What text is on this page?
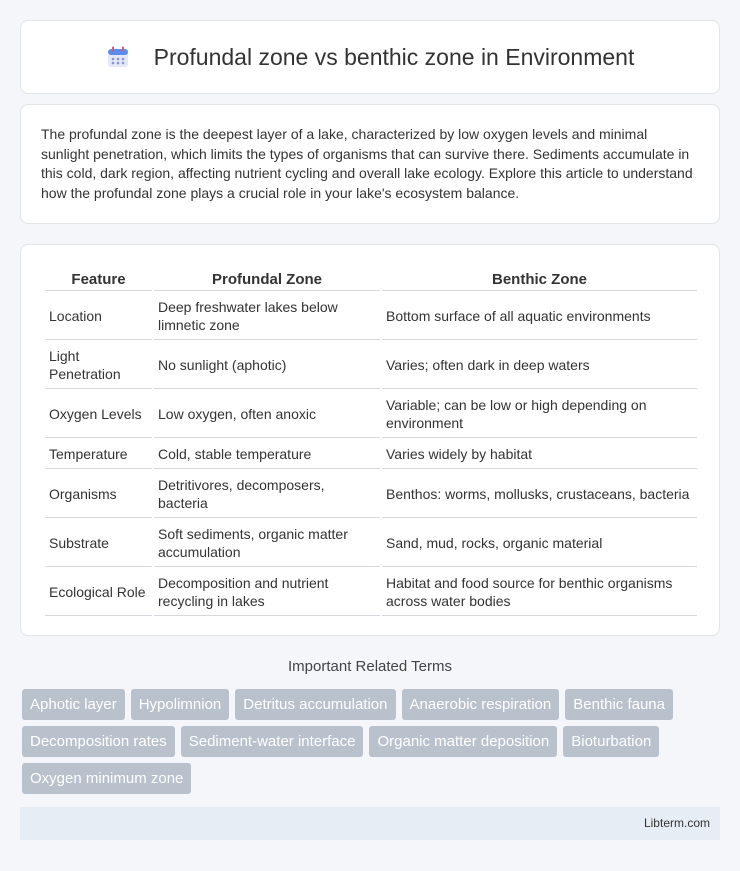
Profundal zone vs benthic zone in Environment

The profundal zone is the deepest layer of a lake, characterized by low oxygen levels and minimal sunlight penetration, which limits the types of organisms that can survive there. Sediments accumulate in this cold, dark region, affecting nutrient cycling and overall lake ecology. Explore this article to understand how the profundal zone plays a crucial role in your lake's ecosystem balance.

Feature	Profundal Zone	Benthic Zone
Location	Deep freshwater lakes below limnetic zone	Bottom surface of all aquatic environments
Light Penetration	No sunlight (aphotic)	Varies; often dark in deep waters
Oxygen Levels	Low oxygen, often anoxic	Variable; can be low or high depending on environment
Temperature	Cold, stable temperature	Varies widely by habitat
Organisms	Detritivores, decomposers, bacteria	Benthos: worms, mollusks, crustaceans, bacteria
Substrate	Soft sediments, organic matter accumulation	Sand, mud, rocks, organic material
Ecological Role	Decomposition and nutrient recycling in lakes	Habitat and food source for benthic organisms across water bodies
Important Related Terms
Aphotic layer	Hypolimnion	Detritus accumulation	Anaerobic respiration	Benthic fauna
Decomposition rates	Sediment-water interface	Organic matter deposition	Bioturbation
Oxygen minimum zone
Libterm.com
